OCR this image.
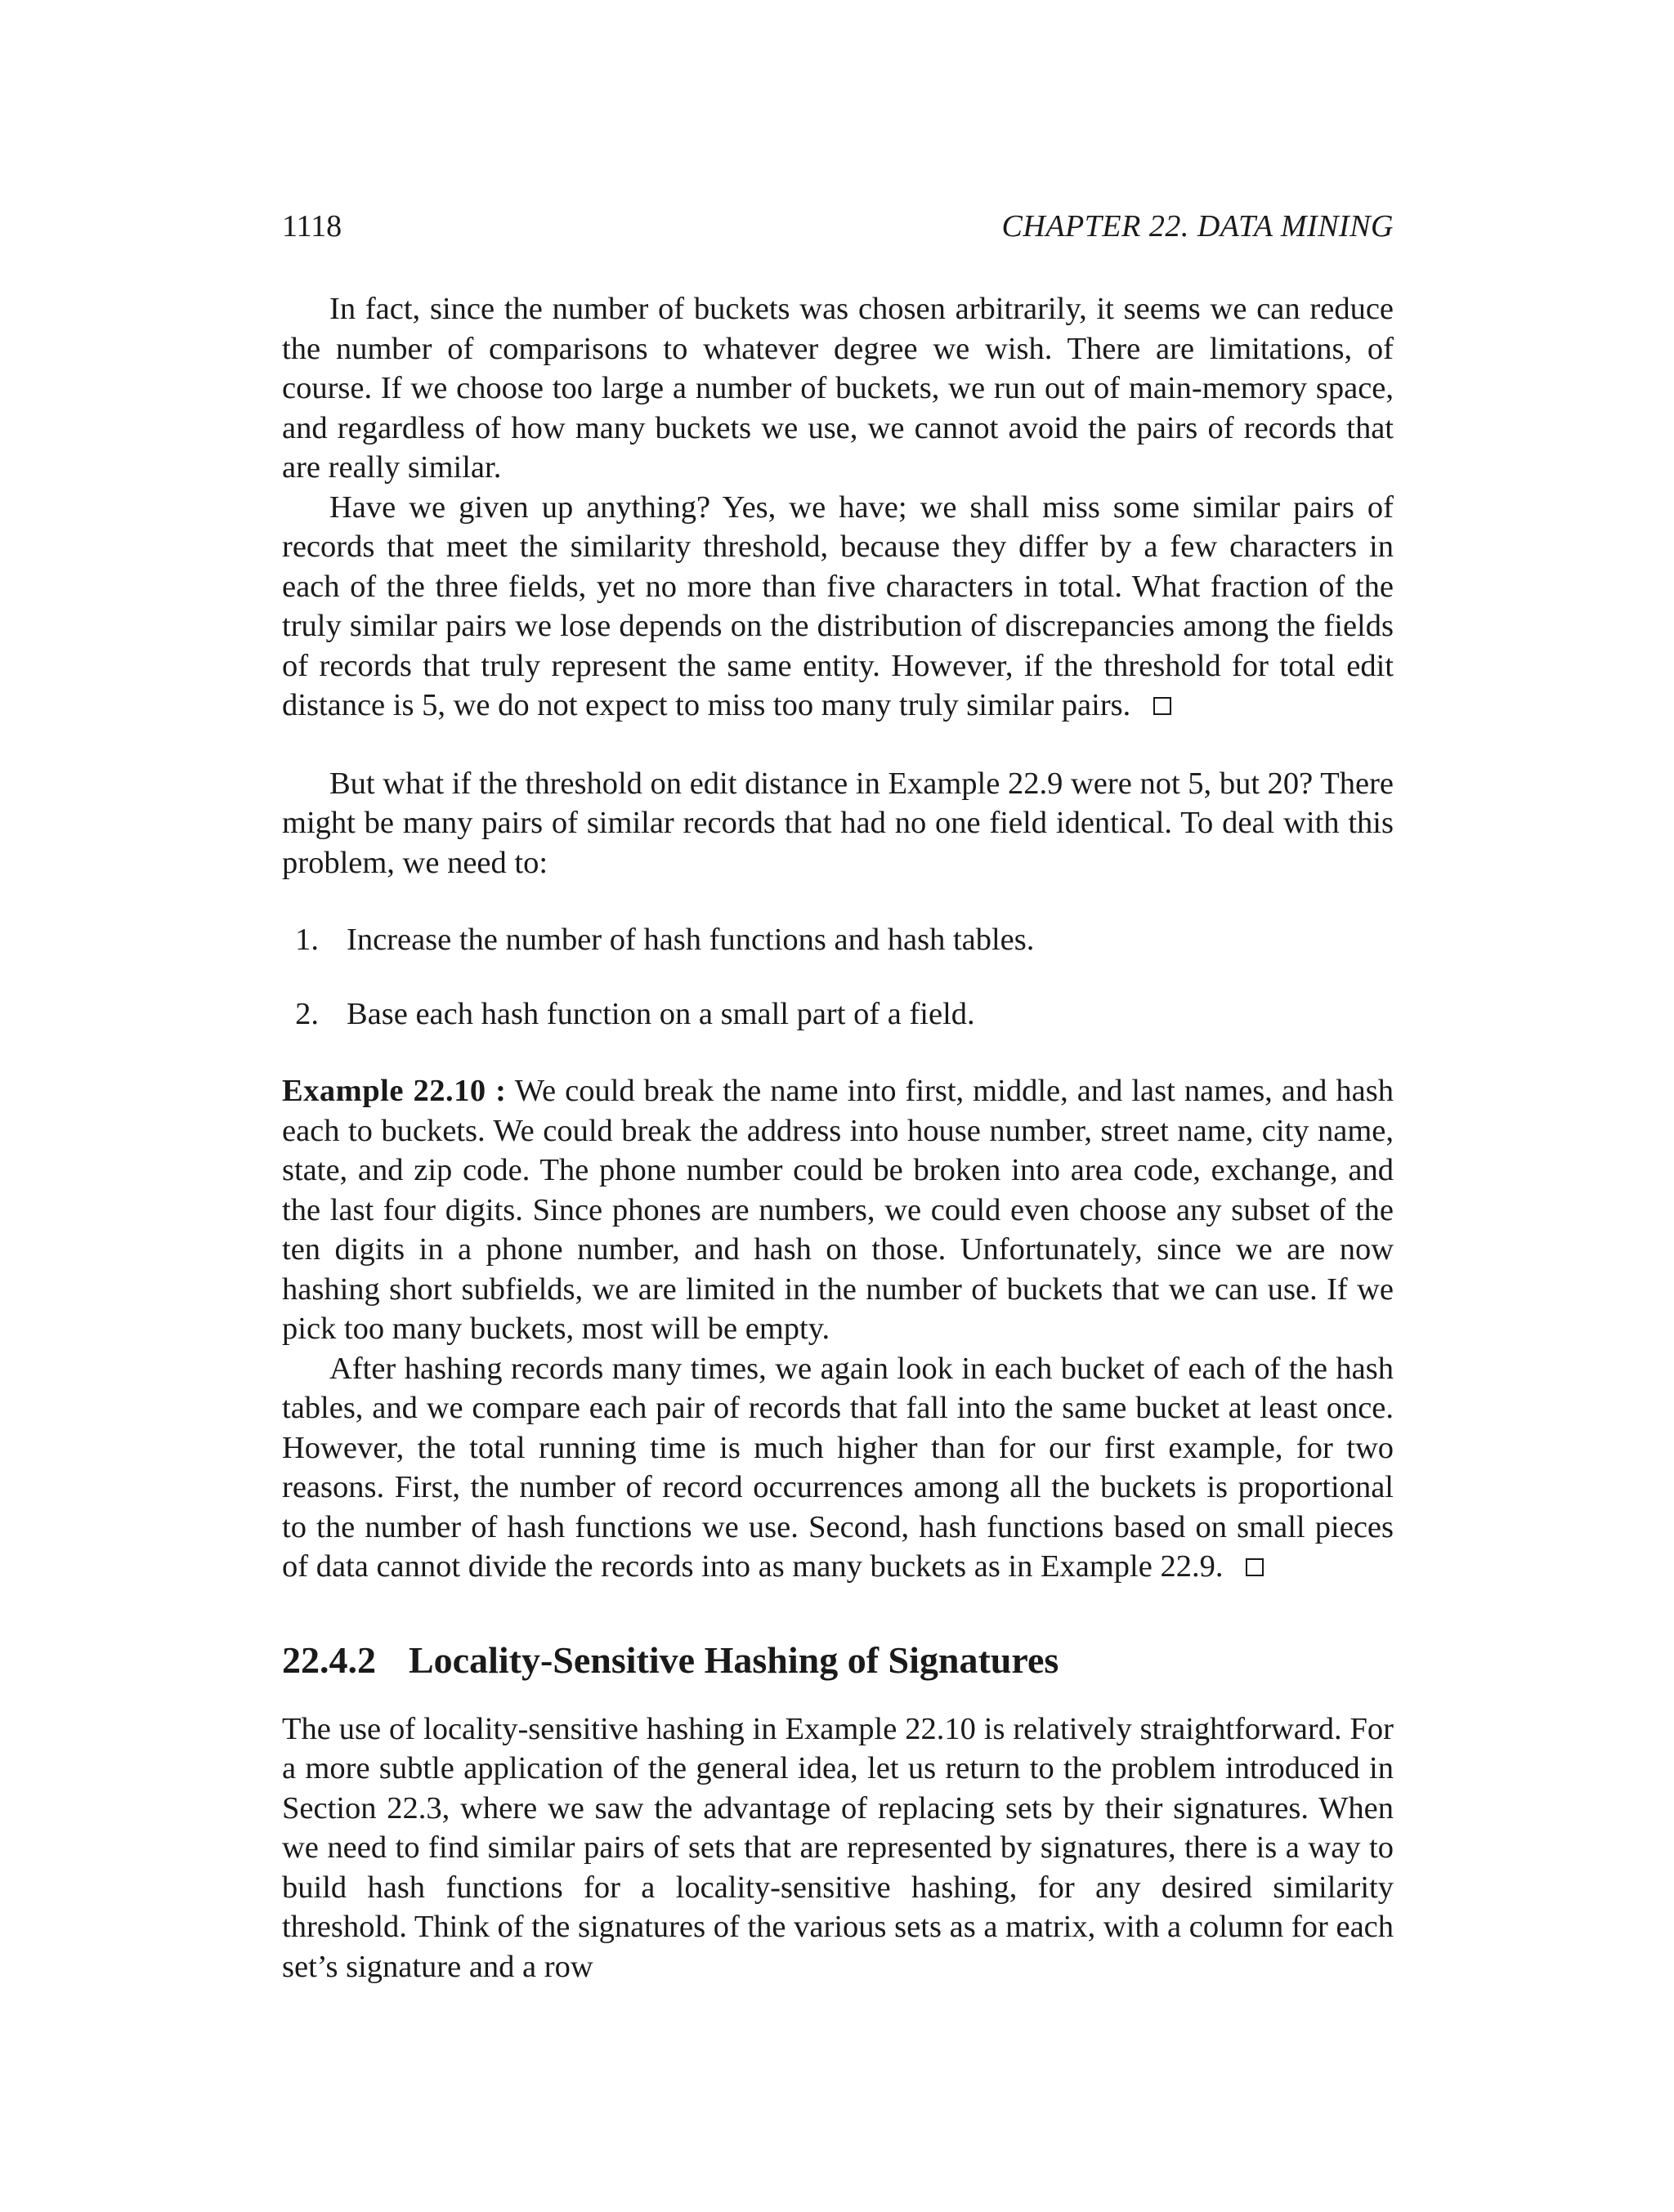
1118	CHAPTER 22. DATA MINING

In fact, since the number of buckets was chosen arbitrarily, it seems we can reduce the number of comparisons to whatever degree we wish. There are limitations, of course. If we choose too large a number of buckets, we run out of main-memory space, and regardless of how many buckets we use, we cannot avoid the pairs of records that are really similar.

Have we given up anything? Yes, we have; we shall miss some similar pairs of records that meet the similarity threshold, because they differ by a few characters in each of the three fields, yet no more than five characters in total. What fraction of the truly similar pairs we lose depends on the distribution of discrepancies among the fields of records that truly represent the same entity. However, if the threshold for total edit distance is 5, we do not expect to miss too many truly similar pairs.

But what if the threshold on edit distance in Example 22.9 were not 5, but 20? There might be many pairs of similar records that had no one field identical. To deal with this problem, we need to:

1. Increase the number of hash functions and hash tables.
2. Base each hash function on a small part of a field.

Example 22.10 : We could break the name into first, middle, and last names, and hash each to buckets. We could break the address into house number, street name, city name, state, and zip code. The phone number could be broken into area code, exchange, and the last four digits. Since phones are numbers, we could even choose any subset of the ten digits in a phone number, and hash on those. Unfortunately, since we are now hashing short subfields, we are limited in the number of buckets that we can use. If we pick too many buckets, most will be empty.

After hashing records many times, we again look in each bucket of each of the hash tables, and we compare each pair of records that fall into the same bucket at least once. However, the total running time is much higher than for our first example, for two reasons. First, the number of record occurrences among all the buckets is proportional to the number of hash functions we use. Second, hash functions based on small pieces of data cannot divide the records into as many buckets as in Example 22.9.

22.4.2 Locality-Sensitive Hashing of Signatures

The use of locality-sensitive hashing in Example 22.10 is relatively straightforward. For a more subtle application of the general idea, let us return to the problem introduced in Section 22.3, where we saw the advantage of replacing sets by their signatures. When we need to find similar pairs of sets that are represented by signatures, there is a way to build hash functions for a locality-sensitive hashing, for any desired similarity threshold. Think of the signatures of the various sets as a matrix, with a column for each set’s signature and a row
